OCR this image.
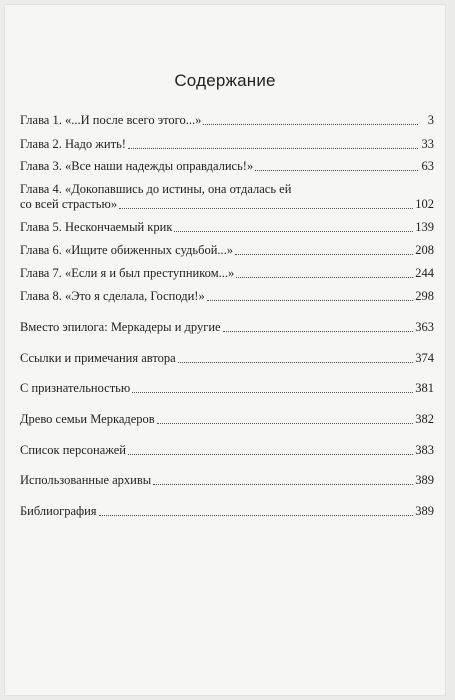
Содержание
Глава 1. «...И после всего этого...»	3
Глава 2. Надо жить!	33
Глава 3. «Все наши надежды оправдались!»	63
Глава 4. «Докопавшись до истины, она отдалась ей
со всей страстью»	102
Глава 5. Нескончаемый крик	139
Глава 6. «Ищите обиженных судьбой...»	208
Глава 7. «Если я и был преступником...»	244
Глава 8. «Это я сделала, Господи!»	298
Вместо эпилога: Меркадеры и другие	363
Ссылки и примечания автора	374
С признательностью	381
Древо семьи Меркадеров	382
Список персонажей	383
Использованные архивы	389
Библиография	389
